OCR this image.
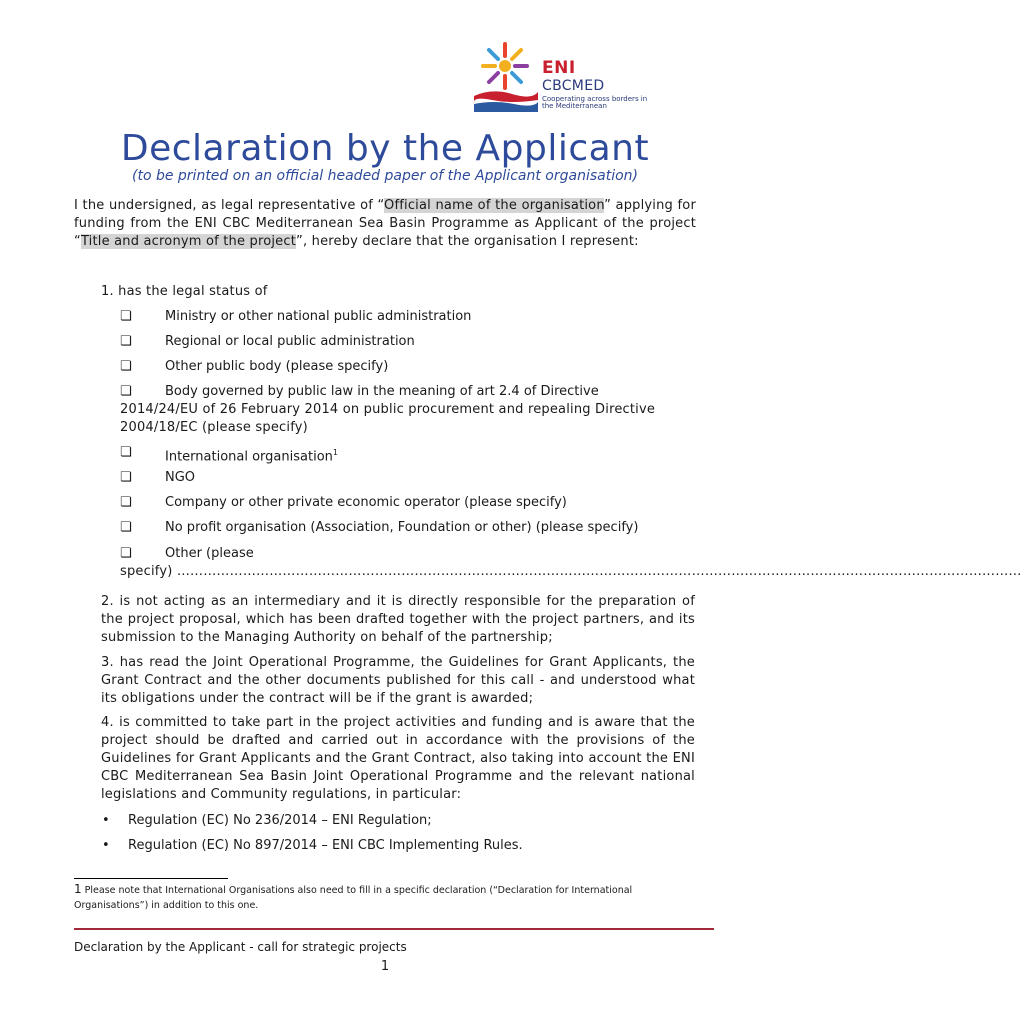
ENI
CBCMED
Cooperating across borders in the Mediterranean
Declaration by the Applicant
(to be printed on an official headed paper of the Applicant organisation)
I the undersigned, as legal representative of “Official name of the organisation” applying for funding from the ENI CBC Mediterranean Sea Basin Programme as Applicant of the project “Title and acronym of the project”, hereby declare that the organisation I represent:
1. has the legal status of
❏	Ministry or other national public administration
❏	Regional or local public administration
❏	Other public body (please specify)
❏	Body governed by public law in the meaning of art 2.4 of Directive
2014/24/EU of 26 February 2014 on public procurement and repealing Directive
2004/18/EC (please specify)
❏	International organisation$^1$
❏	NGO
❏	Company or other private economic operator (please specify)
❏	No profit organisation (Association, Foundation or other) (please specify)
❏	Other (please
specify) …………………………………………………………………………………………………………………………………………………………………………
2. is not acting as an intermediary and it is directly responsible for the preparation of the project proposal, which has been drafted together with the project partners, and its submission to the Managing Authority on behalf of the partnership;
3. has read the Joint Operational Programme, the Guidelines for Grant Applicants, the Grant Contract and the other documents published for this call - and understood what its obligations under the contract will be if the grant is awarded;
4. is committed to take part in the project activities and funding and is aware that the project should be drafted and carried out in accordance with the provisions of the Guidelines for Grant Applicants and the Grant Contract, also taking into account the ENI CBC Mediterranean Sea Basin Joint Operational Programme and the relevant national legislations and Community regulations, in particular:
• Regulation (EC) No 236/2014 – ENI Regulation;
• Regulation (EC) No 897/2014 – ENI CBC Implementing Rules.
1 Please note that International Organisations also need to fill in a specific declaration (“Declaration for International Organisations”) in addition to this one.
Declaration by the Applicant - call for strategic projects
1
